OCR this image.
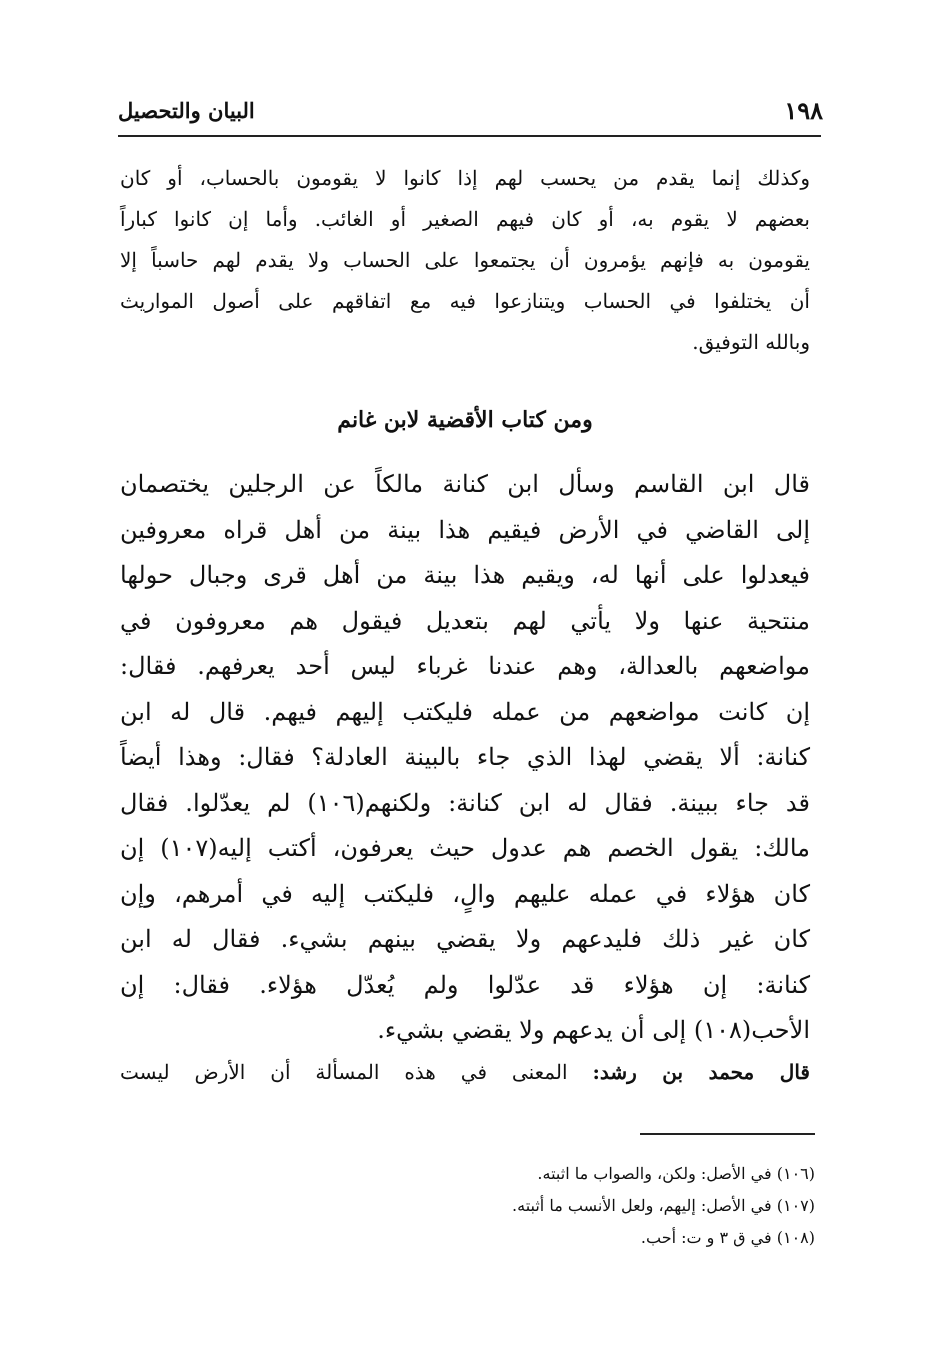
١٩٨
البيان والتحصيل
وكذلك إنما يقدم من يحسب لهم إذا كانوا لا يقومون بالحساب، أو كان
بعضهم لا يقوم به، أو كان فيهم الصغير أو الغائب. وأما إن كانوا كباراً
يقومون به فإنهم يؤمرون أن يجتمعوا على الحساب ولا يقدم لهم حاسباً إلا
أن يختلفوا في الحساب ويتنازعوا فيه مع اتفاقهم على أصول المواريث
وبالله التوفيق.
ومن كتاب الأقضية لابن غانم
قال ابن القاسم وسأل ابن كنانة مالكاً عن الرجلين يختصمان
إلى القاضي في الأرض فيقيم هذا بينة من أهل قراه معروفين
فيعدلوا على أنها له، ويقيم هذا بينة من أهل قرى وجبال حولها
منتحية عنها ولا يأتي لهم بتعديل فيقول هم معروفون في
مواضعهم بالعدالة، وهم عندنا غرباء ليس أحد يعرفهم. فقال:
إن كانت مواضعهم من عمله فليكتب إليهم فيهم. قال له ابن
كنانة: ألا يقضي لهذا الذي جاء بالبينة العادلة؟ فقال: وهذا أيضاً
قد جاء ببينة. فقال له ابن كنانة: ولكنهم(١٠٦) لم يعدّلوا. فقال
مالك: يقول الخصم هم عدول حيث يعرفون، أكتب إليه(١٠٧) إن
كان هؤلاء في عمله عليهم والٍ، فليكتب إليه في أمرهم، وإن
كان غير ذلك فليدعهم ولا يقضي بينهم بشيء. فقال له ابن
كنانة: إن هؤلاء قد عدّلوا ولم يُعدّل هؤلاء. فقال: إن
الأحب(١٠٨) إلى أن يدعهم ولا يقضي بشيء.
قال محمد بن رشد: المعنى في هذه المسألة أن الأرض ليست
(١٠٦) في الأصل: ولكن، والصواب ما اثبته.
(١٠٧) في الأصل: إليهم، ولعل الأنسب ما أثبته.
(١٠٨) في ق ٣ و ت: أحب.
